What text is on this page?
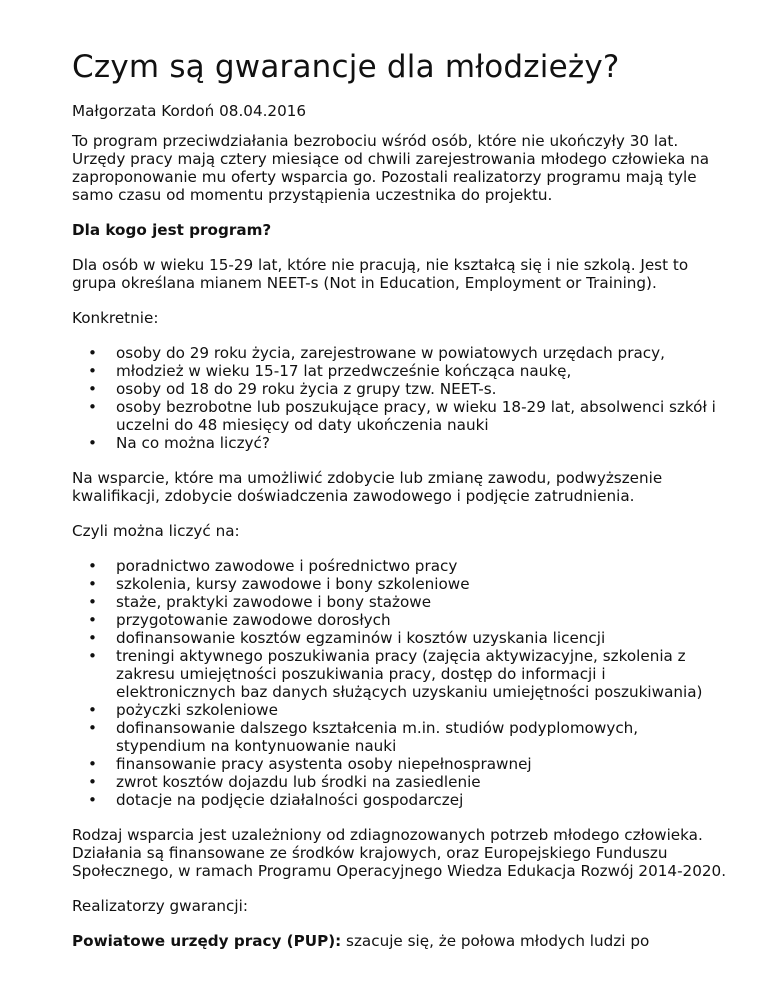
Czym są gwarancje dla młodzieży?

Małgorzata Kordoń 08.04.2016

To program przeciwdziałania bezrobociu wśród osób, które nie ukończyły 30 lat. Urzędy pracy mają cztery miesiące od chwili zarejestrowania młodego człowieka na zaproponowanie mu oferty wsparcia go. Pozostali realizatorzy programu mają tyle samo czasu od momentu przystąpienia uczestnika do projektu.

Dla kogo jest program?

Dla osób w wieku 15-29 lat, które nie pracują, nie kształcą się i nie szkolą. Jest to grupa określana mianem NEET-s (Not in Education, Employment or Training).

Konkretnie:

• osoby do 29 roku życia, zarejestrowane w powiatowych urzędach pracy,
• młodzież w wieku 15-17 lat przedwcześnie kończąca naukę,
• osoby od 18 do 29 roku życia z grupy tzw. NEET-s.
• osoby bezrobotne lub poszukujące pracy, w wieku 18-29 lat, absolwenci szkół i uczelni do 48 miesięcy od daty ukończenia nauki
• Na co można liczyć?

Na wsparcie, które ma umożliwić zdobycie lub zmianę zawodu, podwyższenie kwalifikacji, zdobycie doświadczenia zawodowego i podjęcie zatrudnienia.

Czyli można liczyć na:

• poradnictwo zawodowe i pośrednictwo pracy
• szkolenia, kursy zawodowe i bony szkoleniowe
• staże, praktyki zawodowe i bony stażowe
• przygotowanie zawodowe dorosłych
• dofinansowanie kosztów egzaminów i kosztów uzyskania licencji
• treningi aktywnego poszukiwania pracy (zajęcia aktywizacyjne, szkolenia z zakresu umiejętności poszukiwania pracy, dostęp do informacji i elektronicznych baz danych służących uzyskaniu umiejętności poszukiwania)
• pożyczki szkoleniowe
• dofinansowanie dalszego kształcenia m.in. studiów podyplomowych, stypendium na kontynuowanie nauki
• finansowanie pracy asystenta osoby niepełnosprawnej
• zwrot kosztów dojazdu lub środki na zasiedlenie
• dotacje na podjęcie działalności gospodarczej

Rodzaj wsparcia jest uzależniony od zdiagnozowanych potrzeb młodego człowieka. Działania są finansowane ze środków krajowych, oraz Europejskiego Funduszu Społecznego, w ramach Programu Operacyjnego Wiedza Edukacja Rozwój 2014-2020.

Realizatorzy gwarancji:

Powiatowe urzędy pracy (PUP): szacuje się, że połowa młodych ludzi po
